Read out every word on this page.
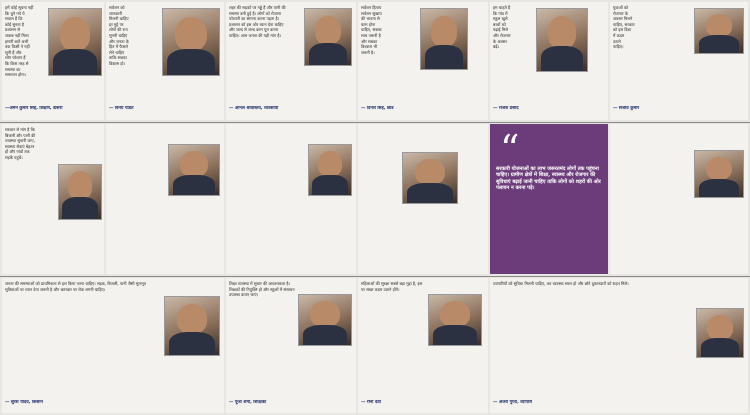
हमें कोई सूचना नहीं
कि चुने गये ये
सवाल हैं कि
कोई सुनता है
प्रशासन से
जवाब नहीं मिला
हमारी बातें अभी
तक किसी ने नहीं
सुनी हैं और
लोग परेशान हैं
कि किस तरह से
समस्या का
समाधान होगा।

—अमन कुमार सिंह, शिक्षण, डासरी

सर्वजन को
जानकारी
मिलनी चाहिए
हर मुद्दे पर
लोगों की राय
सुननी चाहिए
और जनता के
हित में फैसले
लेने चाहिए
ताकि सबका
विकास हो।

— विनय पंडित

शहर की सड़कों पर गड्ढे हैं और पानी की
समस्या बनी हुई है। लोगों को रोजाना
परेशानी का सामना करना पड़ता है।
प्रशासन को इस ओर ध्यान देना चाहिए
और जल्द से जल्द काम पूरा करना
चाहिए। आम जनता की यही मांग है।

— अनिल श्रीवास्तव, व्यवसायी

सर्वजन हिताय
सर्वजन सुखाय
की भावना से
काम होना
चाहिए, सबका
साथ जरूरी है
और सबका
विश्वास भी
जरूरी है।

— दिनेश सिंह, छात्र

हम चाहते हैं
कि गांव में
स्कूल खुले
बच्चों को
पढ़ाई मिले
और रोजगार
के अवसर
बढ़ें।

— राजेश प्रसाद

युवाओं को
रोजगार के
अवसर मिलने
चाहिए, सरकार
को इस दिशा
में कदम
उठाने
चाहिए।

— संजीव कुमार

सरकार से मांग है कि
बिजली और पानी की
व्यवस्था सुधारी जाए,
स्वास्थ्य सेवाएं बेहतर
हों और गांवों तक
सड़कें पहुंचें।	“
सरकारी योजनाओं का लाभ जरूरतमंद लोगों तक पहुंचना चाहिए। ग्रामीण क्षेत्रों में शिक्षा, स्वास्थ्य और रोजगार की सुविधाएं बढ़ाई जानी चाहिए ताकि लोगों को शहरों की ओर पलायन न करना पड़े।

जनता की समस्याओं को प्राथमिकता से हल किया जाना चाहिए। सड़क, बिजली, पानी जैसी मूलभूत सुविधाओं पर ध्यान देना जरूरी है और भ्रष्टाचार पर रोक लगनी चाहिए।

— सुरेश यादव, किसान

शिक्षा व्यवस्था में सुधार की आवश्यकता है। शिक्षकों की नियुक्ति हो और स्कूलों में संसाधन उपलब्ध कराए जाएं।

— पूजा शर्मा, शिक्षिका

महिलाओं की सुरक्षा सबसे बड़ा मुद्दा है, इस पर सख्त कदम उठाने होंगे।

— रीना देवी

व्यापारियों को सुविधा मिलनी चाहिए, कर व्यवस्था सरल हो और छोटे दुकानदारों को राहत मिले।

— अजय गुप्ता, व्यापारी
